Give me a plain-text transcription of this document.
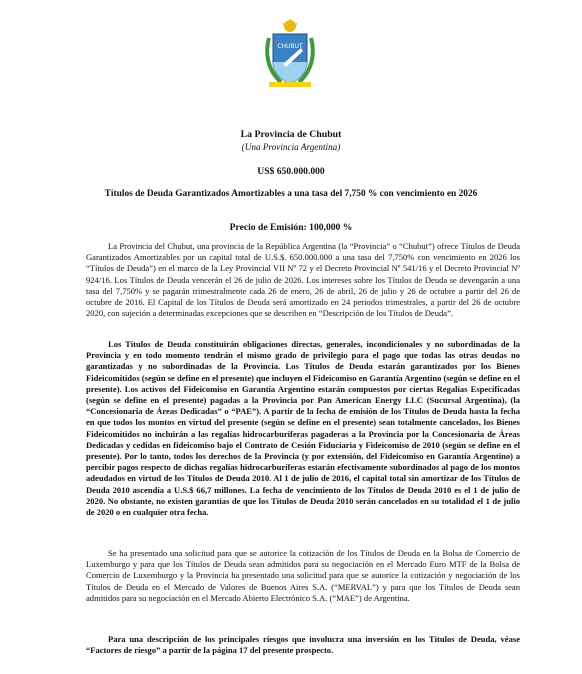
CHUBUT
La Provincia de Chubut
(Una Provincia Argentina)
US$ 650.000.000
Títulos de Deuda Garantizados Amortizables a una tasa del 7,750 % con vencimiento en 2026
Precio de Emisión: 100,000 %

La Provincia del Chubut, una provincia de la República Argentina (la “Provincia” o “Chubut”) ofrece Títulos de Deuda Garantizados Amortizables por un capital total de U.S.$. 650.000.000 a una tasa del 7,750% con vencimiento en 2026 los “Títulos de Deuda”) en el marco de la Ley Provincial VII Nº 72 y el Decreto Provincial Nº 541/16 y el Decreto Provincial Nº 924/16. Los Títulos de Deuda vencerán el 26 de julio de 2026. Los intereses sobre los Títulos de Deuda se devengarán a una tasa del 7,750% y se pagarán trimestralmente cada 26 de enero, 26 de abril, 26 de julio y 26 de octubre a partir del 26 de octubre de 2016. El Capital de los Títulos de Deuda será amortizado en 24 periodos trimestrales, a partir del 26 de octubre 2020, con sujeción a determinadas excepciones que se describen en “Descripción de los Títulos de Deuda”.

Los Títulos de Deuda constituirán obligaciones directas, generales, incondicionales y no subordinadas de la Provincia y en todo momento tendrán el mismo grado de privilegio para el pago que todas las otras deudas no garantizadas y no subordinadas de la Provincia. Los Títulos de Deuda estarán garantizados por los Bienes Fideicomitidos (según se define en el presente) que incluyen el Fideicomiso en Garantía Argentino (según se define en el presente). Los activos del Fideicomiso en Garantía Argentino estarán compuestos por ciertas Regalías Especificadas (según se define en el presente) pagadas a la Provincia por Pan American Energy LLC (Sucursal Argentina), (la “Concesionaria de Áreas Dedicadas” o “PAE”). A partir de la fecha de emisión de los Títulos de Deuda hasta la fecha en que todos los montos en virtud del presente (según se define en el presente) sean totalmente cancelados, los Bienes Fideicomitidos no incluirán a las regalías hidrocarburíferas pagaderas a la Provincia por la Concesionaria de Áreas Dedicadas y cedidas en fideicomiso bajo el Contrato de Cesión Fiduciaria y Fideicomiso de 2010 (según se define en el presente). Por lo tanto, todos los derechos de la Provincia (y por extensión, del Fideicomiso en Garantía Argentino) a percibir pagos respecto de dichas regalías hidrocarburíferas estarán efectivamente subordinados al pago de los montos adeudados en virtud de los Títulos de Deuda 2010. Al 1 de julio de 2016, el capital total sin amortizar de los Títulos de Deuda 2010 ascendía a U.S.$ 66,7 millones. La fecha de vencimiento de los Títulos de Deuda 2010 es el 1 de julio de 2020. No obstante, no existen garantías de que los Títulos de Deuda 2010 serán cancelados en su totalidad el 1 de julio de 2020 o en cualquier otra fecha.

Se ha presentado una solicitud para que se autorice la cotización de los Títulos de Deuda en la Bolsa de Comercio de Luxemburgo y para que los Títulos de Deuda sean admitidos para su negociación en el Mercado Euro MTF de la Bolsa de Comercio de Luxemburgo y la Provincia ha presentado una solicitud para que se autorice la cotización y negociación de los Títulos de Deuda en el Mercado de Valores de Buenos Aires S.A. (“MERVAL”) y para que los Títulos de Deuda sean admitidos para su negociación en el Mercado Abierto Electrónico S.A. (“MAE”) de Argentina.

Para una descripción de los principales riesgos que involucra una inversión en los Títulos de Deuda, véase “Factores de riesgo” a partir de la página 17 del presente prospecto.
